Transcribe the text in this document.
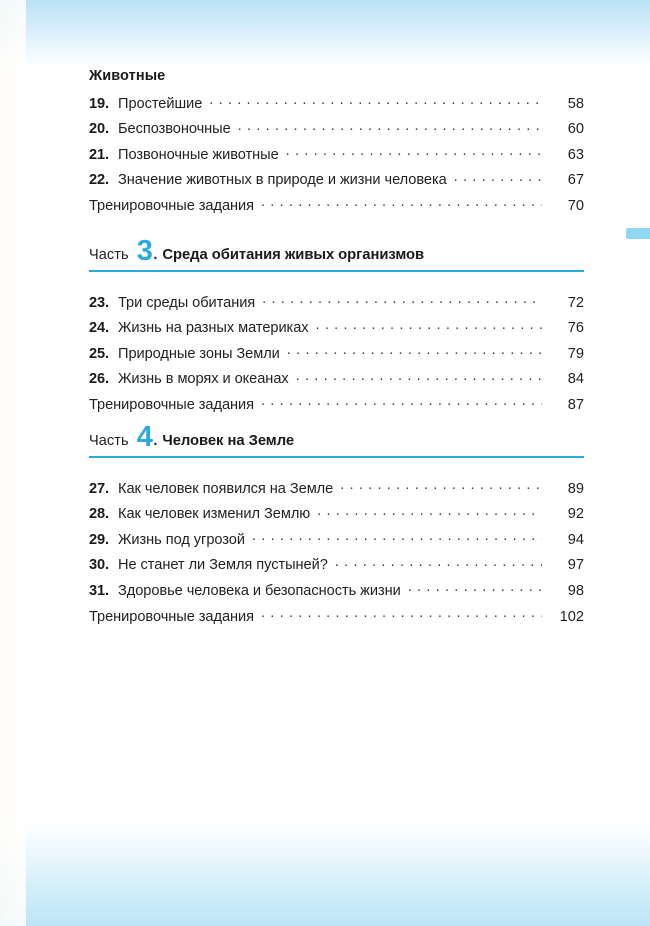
Животные
19. Простейшие . . .	58
20. Беспозвоночные . . .	60
21. Позвоночные животные . . .	63
22. Значение животных в природе и жизни человека . . .	67
Тренировочные задания . . .	70
Часть 3 . Среда обитания живых организмов
23. Три среды обитания . . .	72
24. Жизнь на разных материках . . .	76
25. Природные зоны Земли . . .	79
26. Жизнь в морях и океанах . . .	84
Тренировочные задания . . .	87
Часть 4 . Человек на Земле
27. Как человек появился на Земле . . .	89
28. Как человек изменил Землю . . .	92
29. Жизнь под угрозой . . .	94
30. Не станет ли Земля пустыней? . . .	97
31. Здоровье человека и безопасность жизни . . .	98
Тренировочные задания . . .	102
